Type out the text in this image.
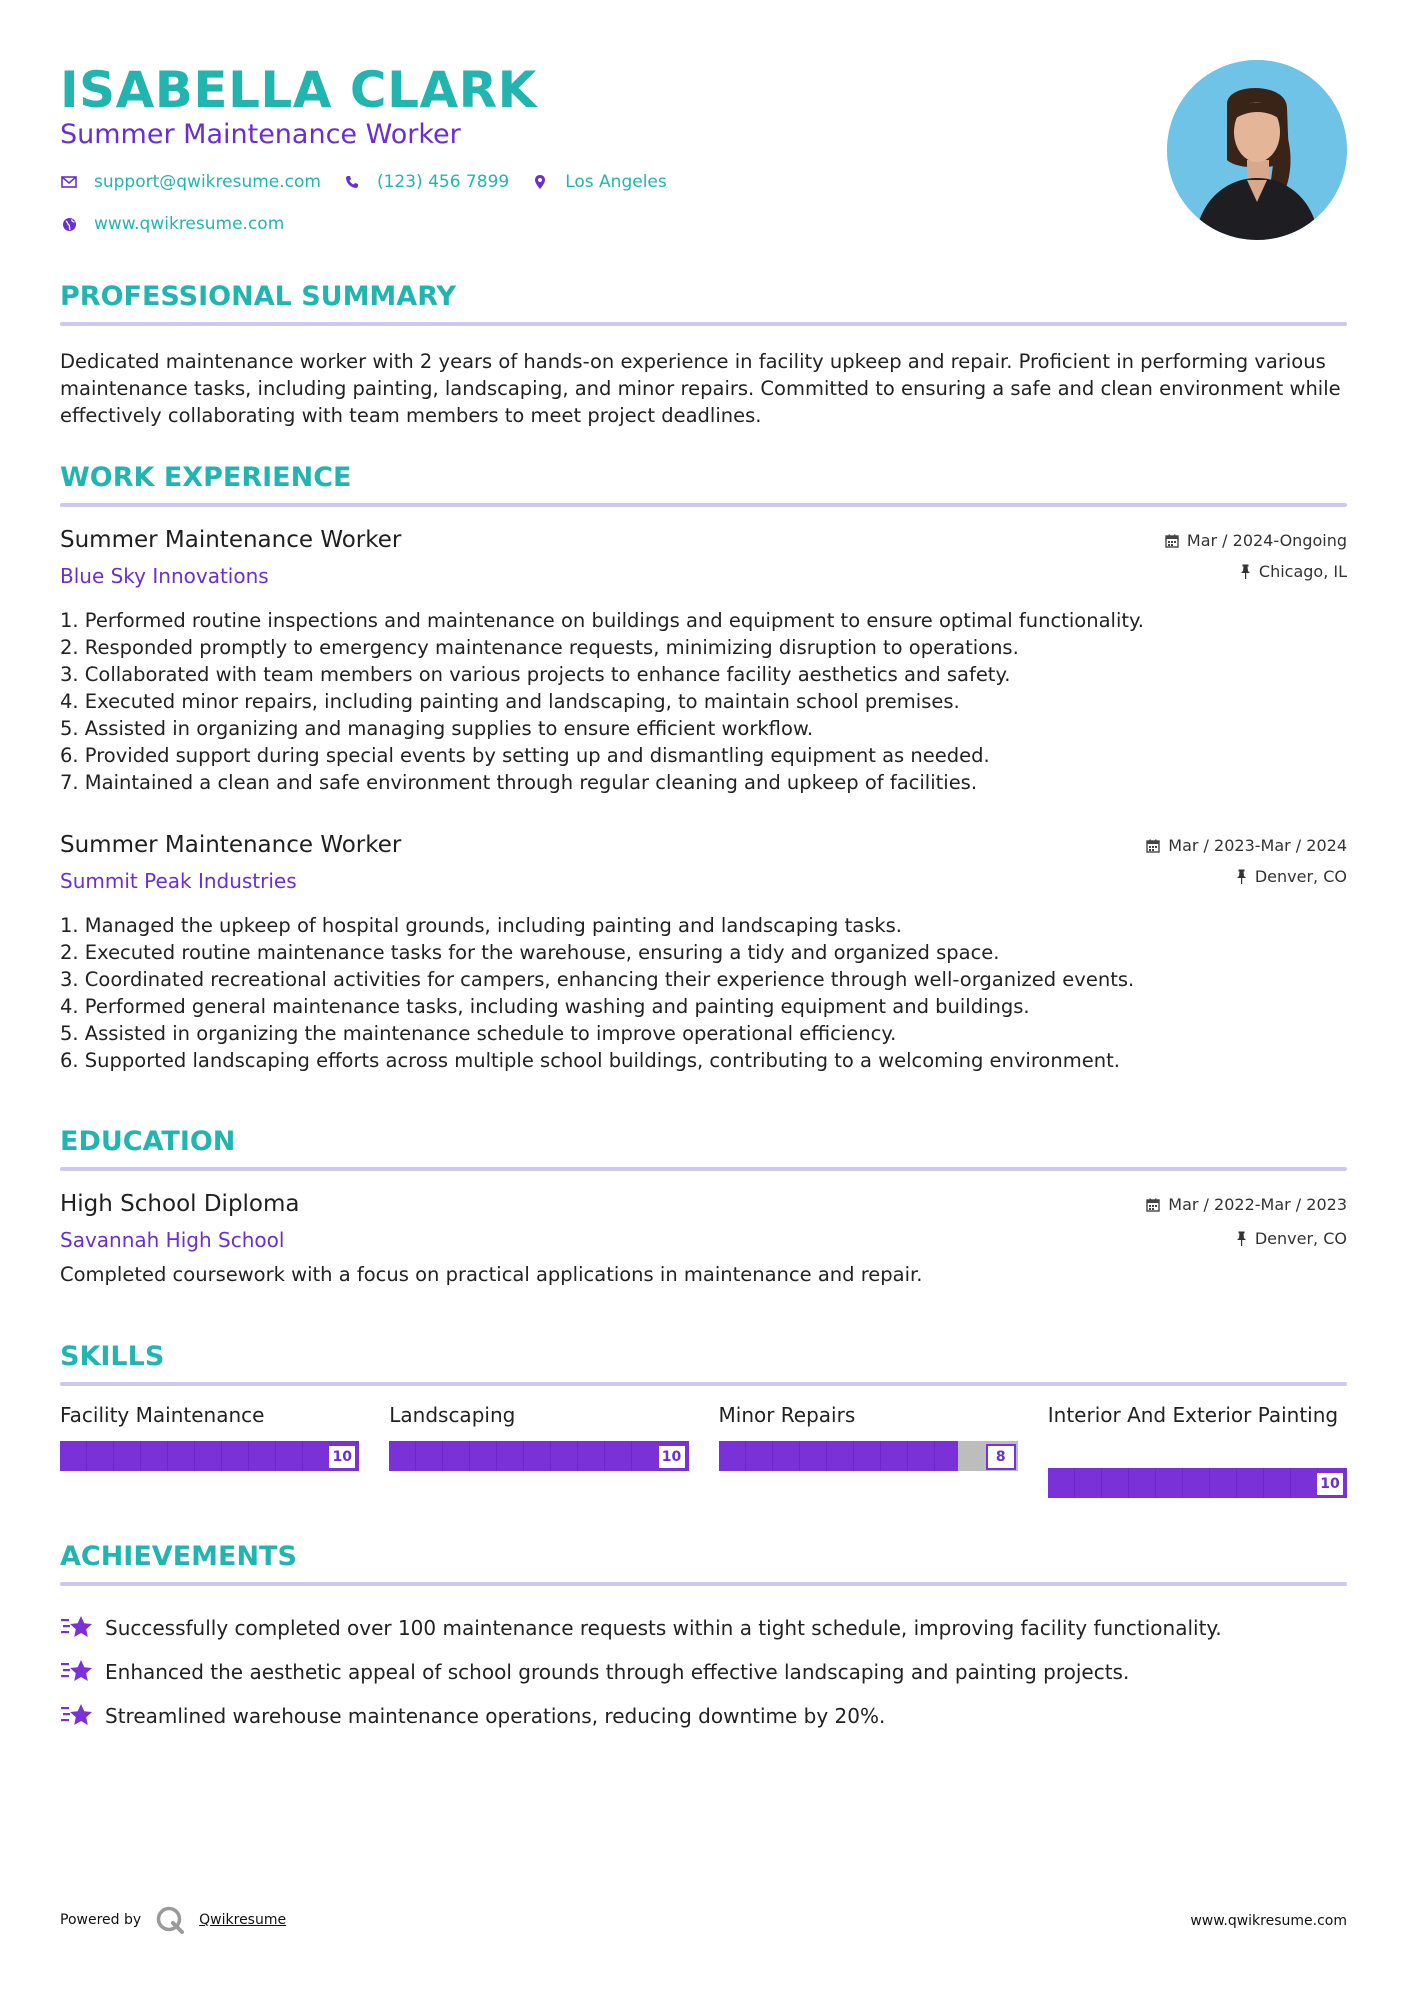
ISABELLA CLARK
Summer Maintenance Worker
support@qwikresume.com	(123) 456 7899	Los Angeles
www.qwikresume.com
PROFESSIONAL SUMMARY

Dedicated maintenance worker with 2 years of hands-on experience in facility upkeep and repair. Proficient in performing various maintenance tasks, including painting, landscaping, and minor repairs. Committed to ensuring a safe and clean environment while effectively collaborating with team members to meet project deadlines.

WORK EXPERIENCE
Summer Maintenance Worker
Blue Sky Innovations
Mar / 2024-Ongoing
Chicago, IL
1. Performed routine inspections and maintenance on buildings and equipment to ensure optimal functionality.
2. Responded promptly to emergency maintenance requests, minimizing disruption to operations.
3. Collaborated with team members on various projects to enhance facility aesthetics and safety.
4. Executed minor repairs, including painting and landscaping, to maintain school premises.
5. Assisted in organizing and managing supplies to ensure efficient workflow.
6. Provided support during special events by setting up and dismantling equipment as needed.
7. Maintained a clean and safe environment through regular cleaning and upkeep of facilities.
Summer Maintenance Worker
Summit Peak Industries
Mar / 2023-Mar / 2024
Denver, CO
1. Managed the upkeep of hospital grounds, including painting and landscaping tasks.
2. Executed routine maintenance tasks for the warehouse, ensuring a tidy and organized space.
3. Coordinated recreational activities for campers, enhancing their experience through well-organized events.
4. Performed general maintenance tasks, including washing and painting equipment and buildings.
5. Assisted in organizing the maintenance schedule to improve operational efficiency.
6. Supported landscaping efforts across multiple school buildings, contributing to a welcoming environment.
EDUCATION
High School Diploma
Savannah High School
Mar / 2022-Mar / 2023
Denver, CO
Completed coursework with a focus on practical applications in maintenance and repair.
SKILLS
Facility Maintenance
10
Landscaping
10
Minor Repairs
8
Interior And Exterior Painting
10
ACHIEVEMENTS
Successfully completed over 100 maintenance requests within a tight schedule, improving facility functionality.
Enhanced the aesthetic appeal of school grounds through effective landscaping and painting projects.
Streamlined warehouse maintenance operations, reducing downtime by 20%.
Powered by	Qwikresume	www.qwikresume.com
